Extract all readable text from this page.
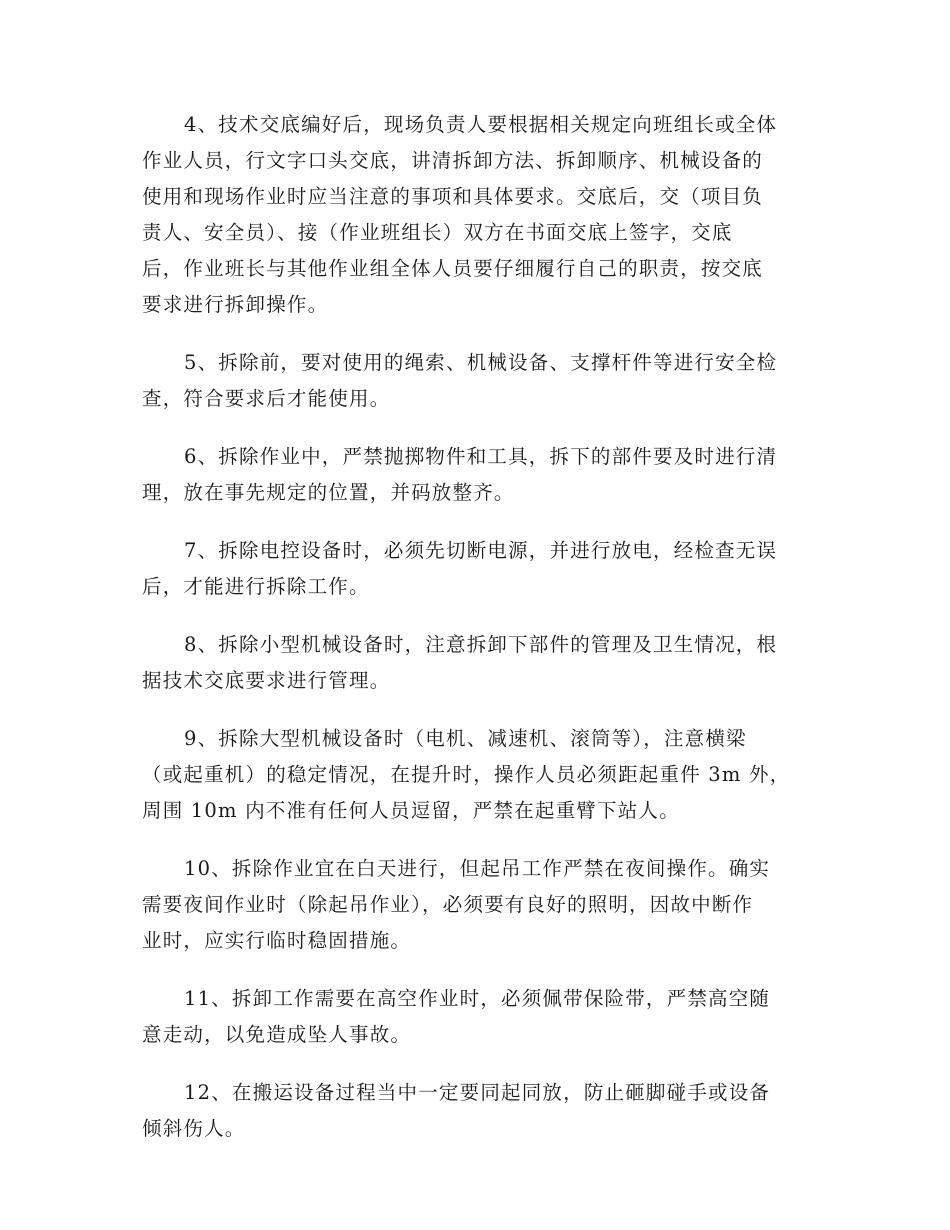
4、技术交底编好后，现场负责人要根据相关规定向班组长或全体
作业人员，行文字口头交底，讲清拆卸方法、拆卸顺序、机械设备的
使用和现场作业时应当注意的事项和具体要求。交底后，交（项目负
责人、安全员）、接（作业班组长）双方在书面交底上签字，交底
后，作业班长与其他作业组全体人员要仔细履行自己的职责，按交底
要求进行拆卸操作。

5、拆除前，要对使用的绳索、机械设备、支撑杆件等进行安全检
查，符合要求后才能使用。

6、拆除作业中，严禁抛掷物件和工具，拆下的部件要及时进行清
理，放在事先规定的位置，并码放整齐。

7、拆除电控设备时，必须先切断电源，并进行放电，经检查无误
后，才能进行拆除工作。

8、拆除小型机械设备时，注意拆卸下部件的管理及卫生情况，根
据技术交底要求进行管理。

9、拆除大型机械设备时（电机、减速机、滚筒等），注意横梁
（或起重机）的稳定情况，在提升时，操作人员必须距起重件 3m 外，
周围 10m 内不准有任何人员逗留，严禁在起重臂下站人。

10、拆除作业宜在白天进行，但起吊工作严禁在夜间操作。确实
需要夜间作业时（除起吊作业），必须要有良好的照明，因故中断作
业时，应实行临时稳固措施。

11、拆卸工作需要在高空作业时，必须佩带保险带，严禁高空随
意走动，以免造成坠人事故。

12、在搬运设备过程当中一定要同起同放，防止砸脚碰手或设备
倾斜伤人。
